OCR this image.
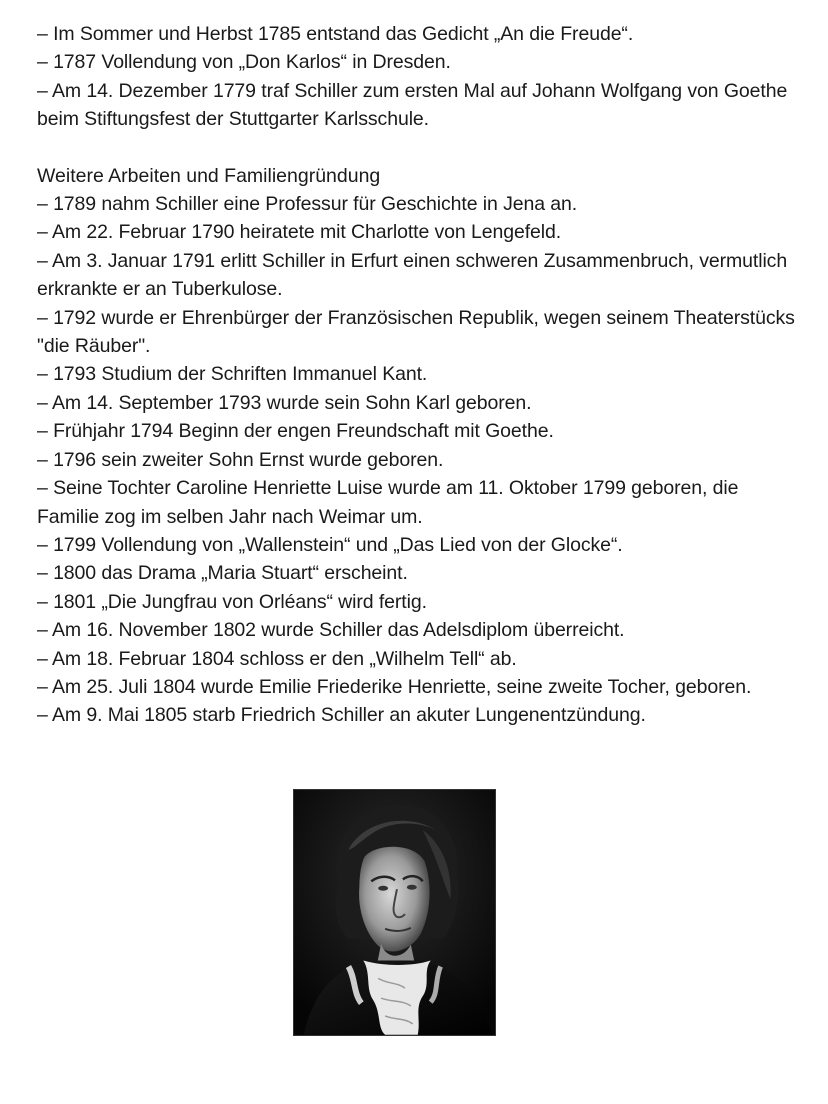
– Im Sommer und Herbst 1785 entstand das Gedicht „An die Freude“.
– 1787 Vollendung von „Don Karlos“ in Dresden.
– Am 14. Dezember 1779 traf Schiller zum ersten Mal auf Johann Wolfgang von Goethe beim Stiftungsfest der Stuttgarter Karlsschule.
Weitere Arbeiten und Familiengründung
– 1789 nahm Schiller eine Professur für Geschichte in Jena an.
– Am 22. Februar 1790 heiratete mit Charlotte von Lengefeld.
– Am 3. Januar 1791 erlitt Schiller in Erfurt einen schweren Zusammenbruch, vermutlich erkrankte er an Tuberkulose.
– 1792 wurde er Ehrenbürger der Französischen Republik, wegen seinem Theaterstücks "die Räuber".
– 1793 Studium der Schriften Immanuel Kant.
– Am 14. September 1793 wurde sein Sohn Karl geboren.
– Frühjahr 1794 Beginn der engen Freundschaft mit Goethe.
– 1796 sein zweiter Sohn Ernst wurde geboren.
– Seine Tochter Caroline Henriette Luise wurde am 11. Oktober 1799 geboren, die Familie zog im selben Jahr nach Weimar um.
– 1799 Vollendung von „Wallenstein“ und „Das Lied von der Glocke“.
– 1800 das Drama „Maria Stuart“ erscheint.
– 1801 „Die Jungfrau von Orléans“ wird fertig.
– Am 16. November 1802 wurde Schiller das Adelsdiplom überreicht.
– Am 18. Februar 1804 schloss er den „Wilhelm Tell“ ab.
– Am 25. Juli 1804 wurde Emilie Friederike Henriette, seine zweite Tocher, geboren.
– Am 9. Mai 1805 starb Friedrich Schiller an akuter Lungenentzündung.
